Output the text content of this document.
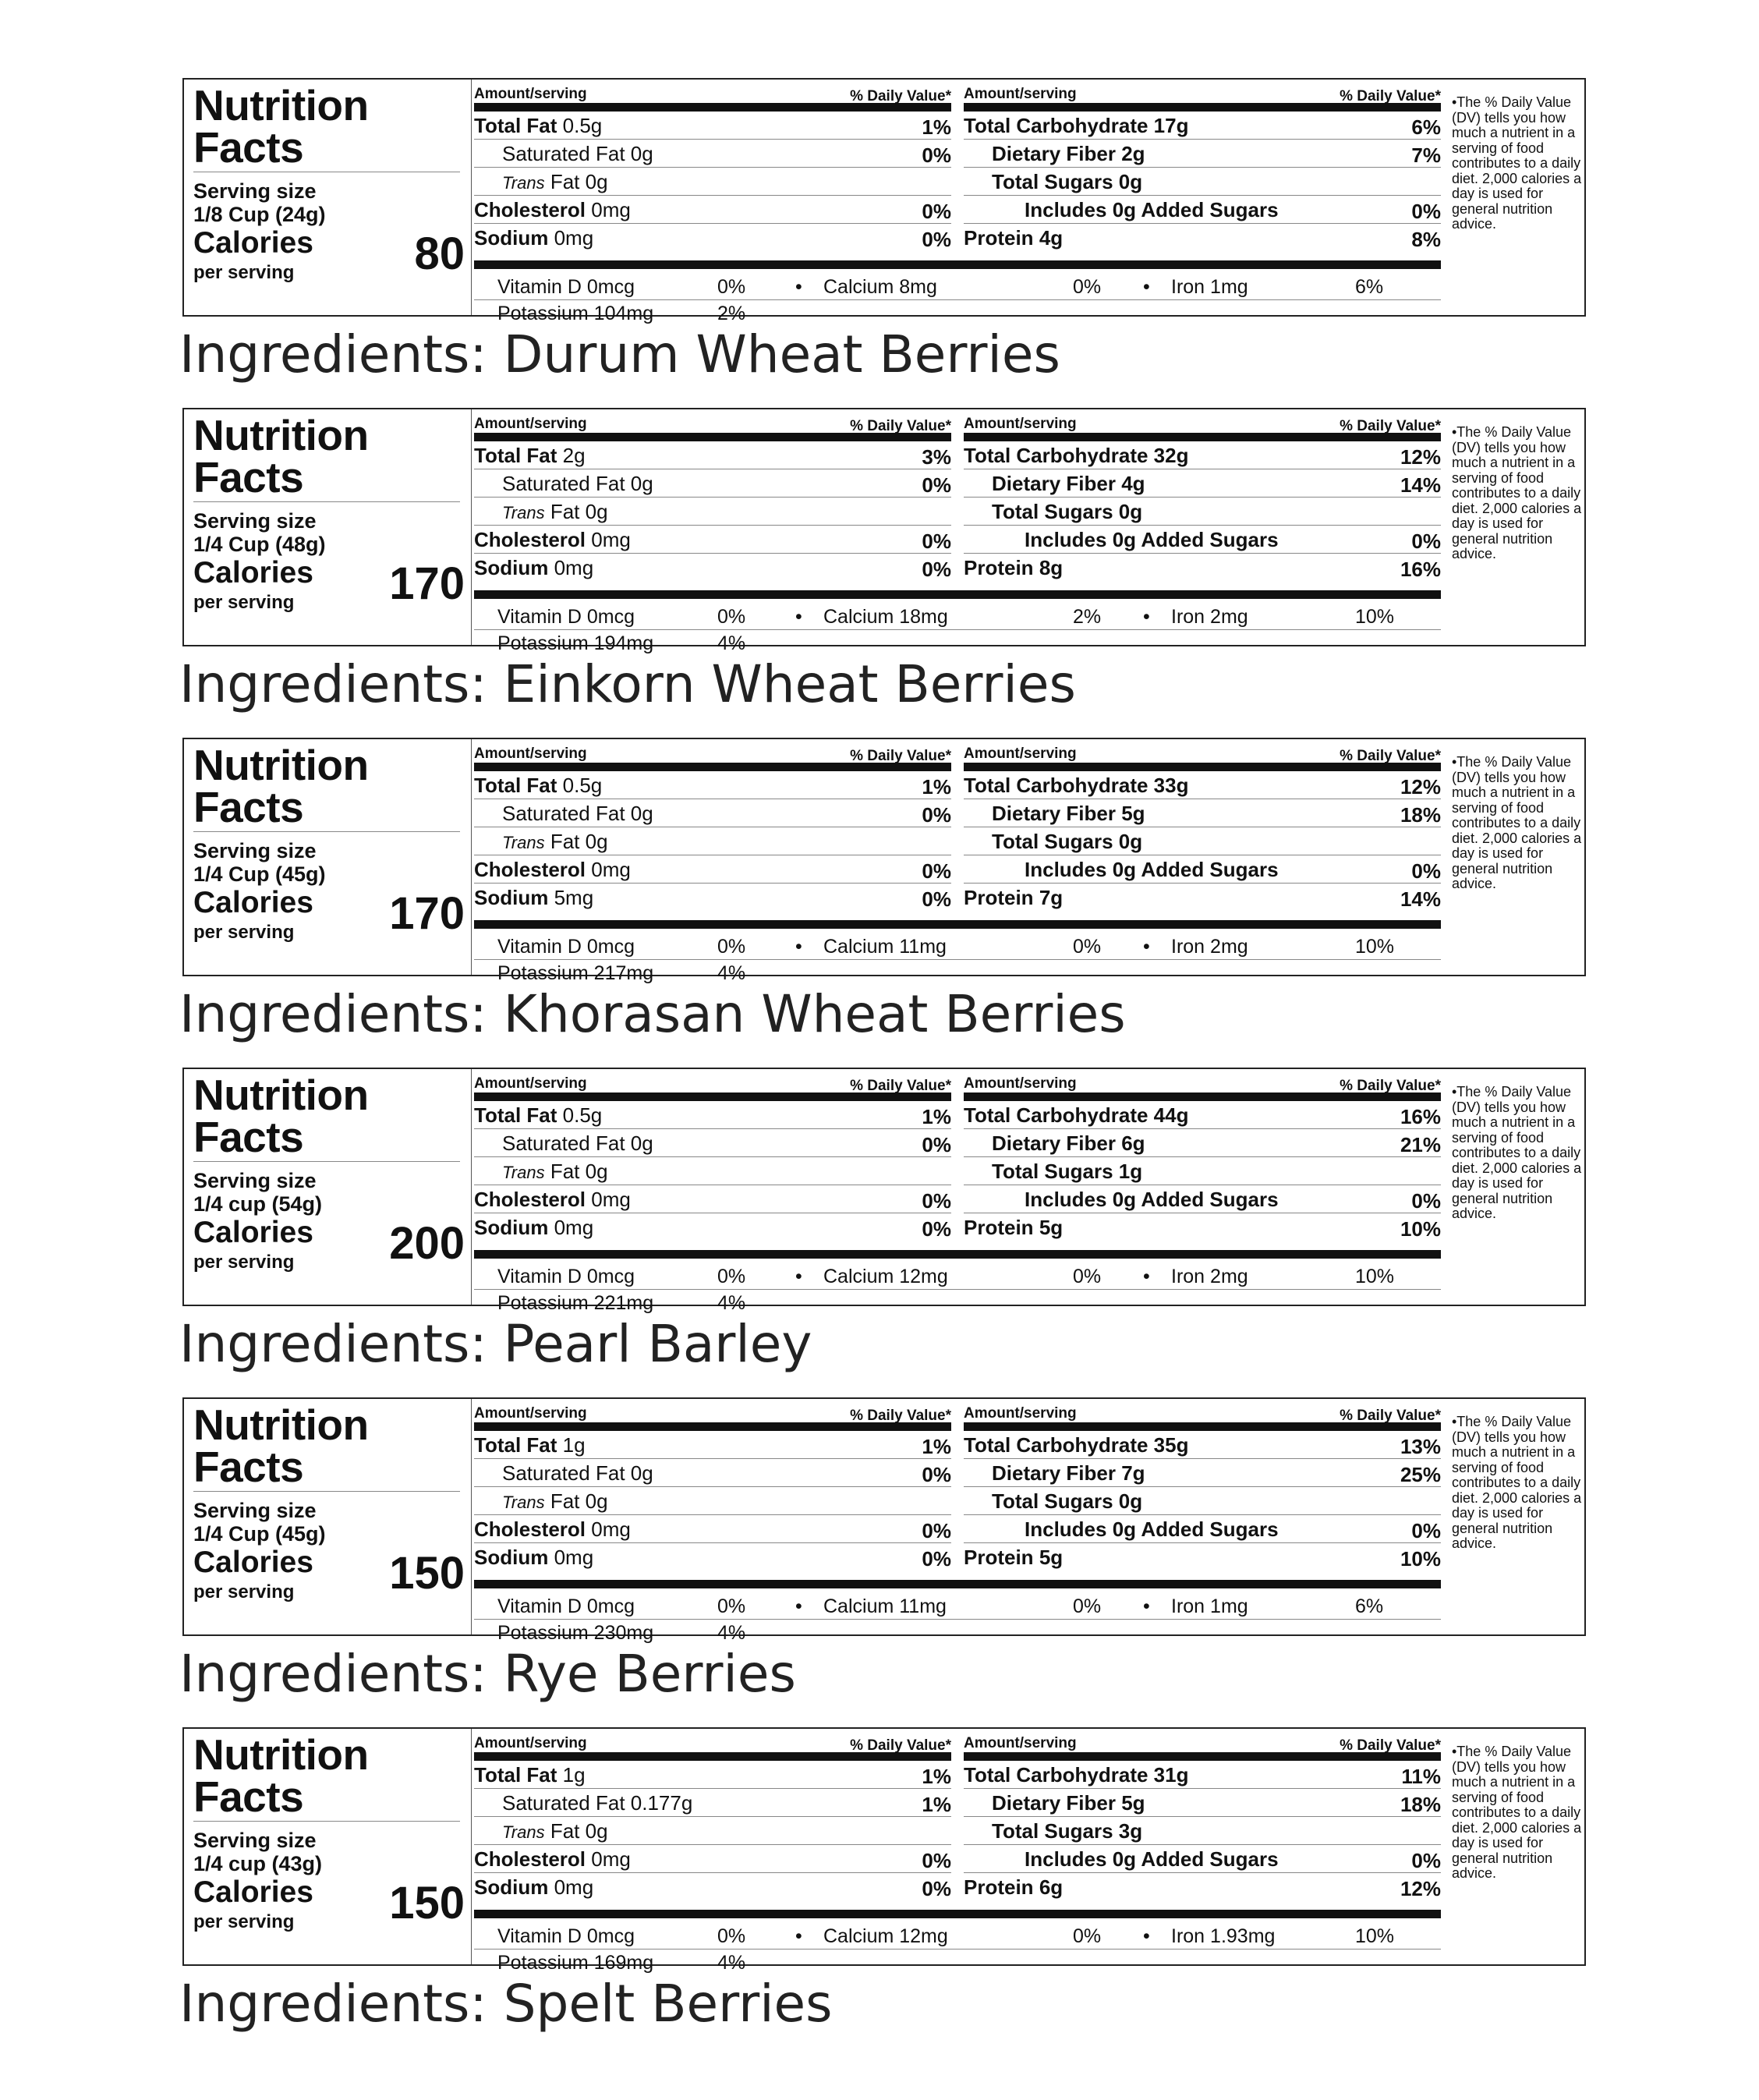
Nutrition Facts
Serving size
1/8 Cup (24g)
Calories
per serving	80
Amount/serving	% Daily Value*
Total Fat 0.5g	1%
Saturated Fat 0g	0%
Trans Fat 0g
Cholesterol 0mg	0%
Sodium 0mg	0%
Amount/serving	% Daily Value*
Total Carbohydrate 17g	6%
Dietary Fiber 2g	7%
Total Sugars 0g
Includes 0g Added Sugars	0%
Protein 4g	8%
Vitamin D 0mcg	0%	• Calcium 8mg	0% • Iron 1mg	6%
Potassium 104mg	2%
•The % Daily Value (DV) tells you how much a nutrient in a serving of food contributes to a daily diet. 2,000 calories a day is used for general nutrition advice.
Ingredients: Durum Wheat Berries
Nutrition Facts
Serving size
1/4 Cup (48g)
Calories
per serving 170
Amount/serving	% Daily Value*
Total Fat 2g	3%
Saturated Fat 0g	0%
Trans Fat 0g
Cholesterol 0mg	0%
Sodium 0mg	0%
Amount/serving	% Daily Value*
Total Carbohydrate 32g	12%
Dietary Fiber 4g	14%
Total Sugars 0g
Includes 0g Added Sugars	0%
Protein 8g	16%
Vitamin D 0mcg	0%	• Calcium 18mg	2% • Iron 2mg	10%
Potassium 194mg	4%
•The % Daily Value (DV) tells you how much a nutrient in a serving of food contributes to a daily diet. 2,000 calories a day is used for general nutrition advice.
Ingredients: Einkorn Wheat Berries
Nutrition Facts
Serving size
1/4 Cup (45g)
Calories
per serving 170
Amount/serving	% Daily Value*
Total Fat 0.5g	1%
Saturated Fat 0g	0%
Trans Fat 0g
Cholesterol 0mg	0%
Sodium 5mg	0%
Amount/serving	% Daily Value*
Total Carbohydrate 33g	12%
Dietary Fiber 5g	18%
Total Sugars 0g
Includes 0g Added Sugars	0%
Protein 7g	14%
Vitamin D 0mcg	0%	• Calcium 11mg	0% • Iron 2mg	10%
Potassium 217mg	4%
•The % Daily Value (DV) tells you how much a nutrient in a serving of food contributes to a daily diet. 2,000 calories a day is used for general nutrition advice.
Ingredients: Khorasan Wheat Berries
Nutrition Facts
Serving size
1/4 cup (54g)
Calories
per serving 200
Amount/serving	% Daily Value*
Total Fat 0.5g	1%
Saturated Fat 0g	0%
Trans Fat 0g
Cholesterol 0mg	0%
Sodium 0mg	0%
Amount/serving	% Daily Value*
Total Carbohydrate 44g	16%
Dietary Fiber 6g	21%
Total Sugars 1g
Includes 0g Added Sugars	0%
Protein 5g	10%
Vitamin D 0mcg	0%	• Calcium 12mg	0% • Iron 2mg	10%
Potassium 221mg	4%
•The % Daily Value (DV) tells you how much a nutrient in a serving of food contributes to a daily diet. 2,000 calories a day is used for general nutrition advice.
Ingredients: Pearl Barley
Nutrition Facts
Serving size
1/4 Cup (45g)
Calories
per serving 150
Amount/serving	% Daily Value*
Total Fat 1g	1%
Saturated Fat 0g	0%
Trans Fat 0g
Cholesterol 0mg	0%
Sodium 0mg	0%
Amount/serving	% Daily Value*
Total Carbohydrate 35g	13%
Dietary Fiber 7g	25%
Total Sugars 0g
Includes 0g Added Sugars	0%
Protein 5g	10%
Vitamin D 0mcg	0%	• Calcium 11mg	0% • Iron 1mg	6%
Potassium 230mg	4%
•The % Daily Value (DV) tells you how much a nutrient in a serving of food contributes to a daily diet. 2,000 calories a day is used for general nutrition advice.
Ingredients: Rye Berries
Nutrition Facts
Serving size
1/4 cup (43g)
Calories
per serving 150
Amount/serving	% Daily Value*
Total Fat 1g	1%
Saturated Fat 0.177g	1%
Trans Fat 0g
Cholesterol 0mg	0%
Sodium 0mg	0%
Amount/serving	% Daily Value*
Total Carbohydrate 31g	11%
Dietary Fiber 5g	18%
Total Sugars 3g
Includes 0g Added Sugars	0%
Protein 6g	12%
Vitamin D 0mcg	0%	• Calcium 12mg	0% • Iron 1.93mg	10%
Potassium 169mg	4%
•The % Daily Value (DV) tells you how much a nutrient in a serving of food contributes to a daily diet. 2,000 calories a day is used for general nutrition advice.
Ingredients: Spelt Berries
